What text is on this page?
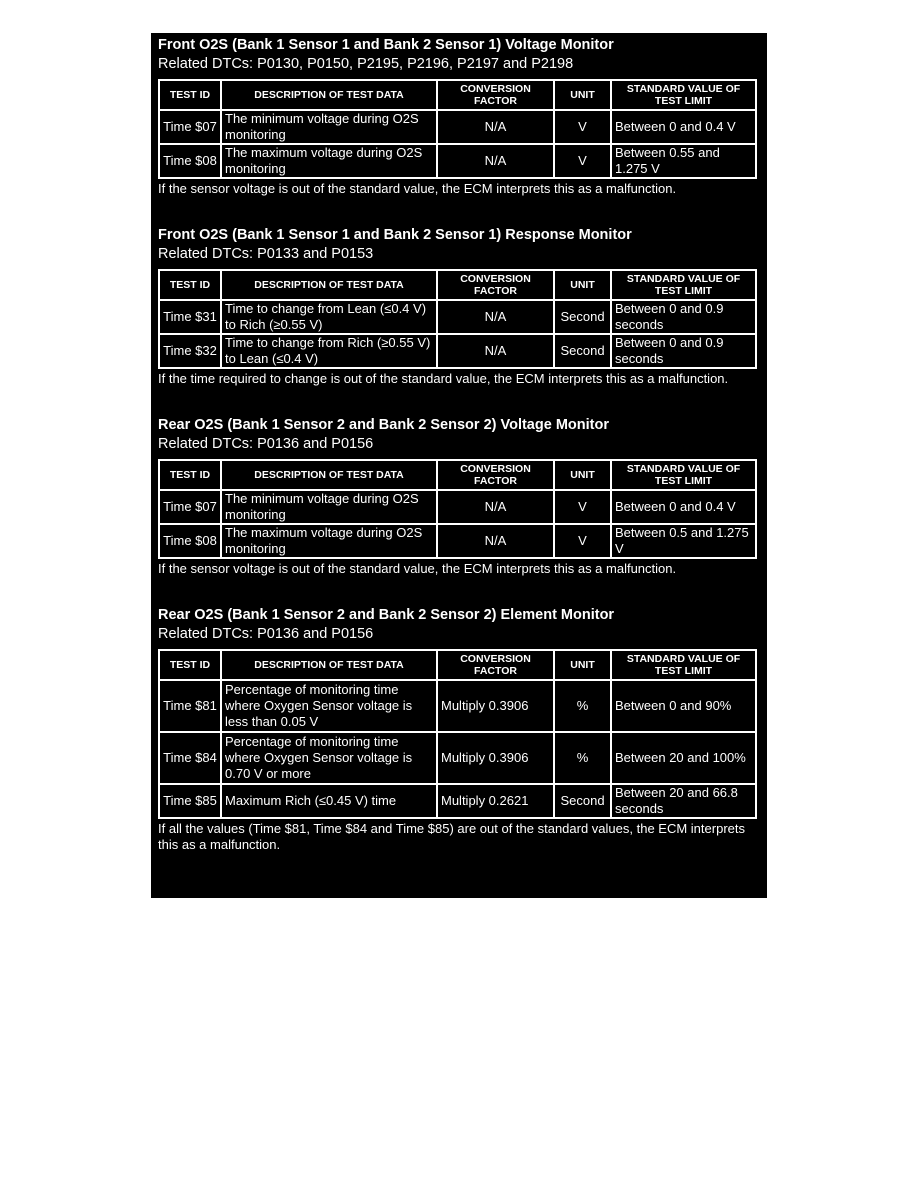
Front O2S (Bank 1 Sensor 1 and Bank 2 Sensor 1) Voltage Monitor
Related DTCs: P0130, P0150, P2195, P2196, P2197 and P2198
TEST ID	DESCRIPTION OF TEST DATA	CONVERSION FACTOR	UNIT	STANDARD VALUE OF TEST LIMIT
Time $07	The minimum voltage during O2S monitoring	N/A	V	Between 0 and 0.4 V
Time $08	The maximum voltage during O2S monitoring	N/A	V	Between 0.55 and 1.275 V
If the sensor voltage is out of the standard value, the ECM interprets this as a malfunction.
Front O2S (Bank 1 Sensor 1 and Bank 2 Sensor 1) Response Monitor
Related DTCs: P0133 and P0153
TEST ID	DESCRIPTION OF TEST DATA	CONVERSION FACTOR	UNIT	STANDARD VALUE OF TEST LIMIT
Time $31	Time to change from Lean (≤0.4 V) to Rich (≥0.55 V)	N/A	Second	Between 0 and 0.9 seconds
Time $32	Time to change from Rich (≥0.55 V) to Lean (≤0.4 V)	N/A	Second	Between 0 and 0.9 seconds
If the time required to change is out of the standard value, the ECM interprets this as a malfunction.
Rear O2S (Bank 1 Sensor 2 and Bank 2 Sensor 2) Voltage Monitor
Related DTCs: P0136 and P0156
TEST ID	DESCRIPTION OF TEST DATA	CONVERSION FACTOR	UNIT	STANDARD VALUE OF TEST LIMIT
Time $07	The minimum voltage during O2S monitoring	N/A	V	Between 0 and 0.4 V
Time $08	The maximum voltage during O2S monitoring	N/A	V	Between 0.5 and 1.275 V
If the sensor voltage is out of the standard value, the ECM interprets this as a malfunction.
Rear O2S (Bank 1 Sensor 2 and Bank 2 Sensor 2) Element Monitor
Related DTCs: P0136 and P0156
TEST ID	DESCRIPTION OF TEST DATA	CONVERSION FACTOR	UNIT	STANDARD VALUE OF TEST LIMIT
Time $81	Percentage of monitoring time where Oxygen Sensor voltage is less than 0.05 V	Multiply 0.3906	%	Between 0 and 90%
Time $84	Percentage of monitoring time where Oxygen Sensor voltage is 0.70 V or more	Multiply 0.3906	%	Between 20 and 100%
Time $85	Maximum Rich (≤0.45 V) time	Multiply 0.2621	Second	Between 20 and 66.8 seconds
If all the values (Time $81, Time $84 and Time $85) are out of the standard values, the ECM interprets this as a malfunction.
